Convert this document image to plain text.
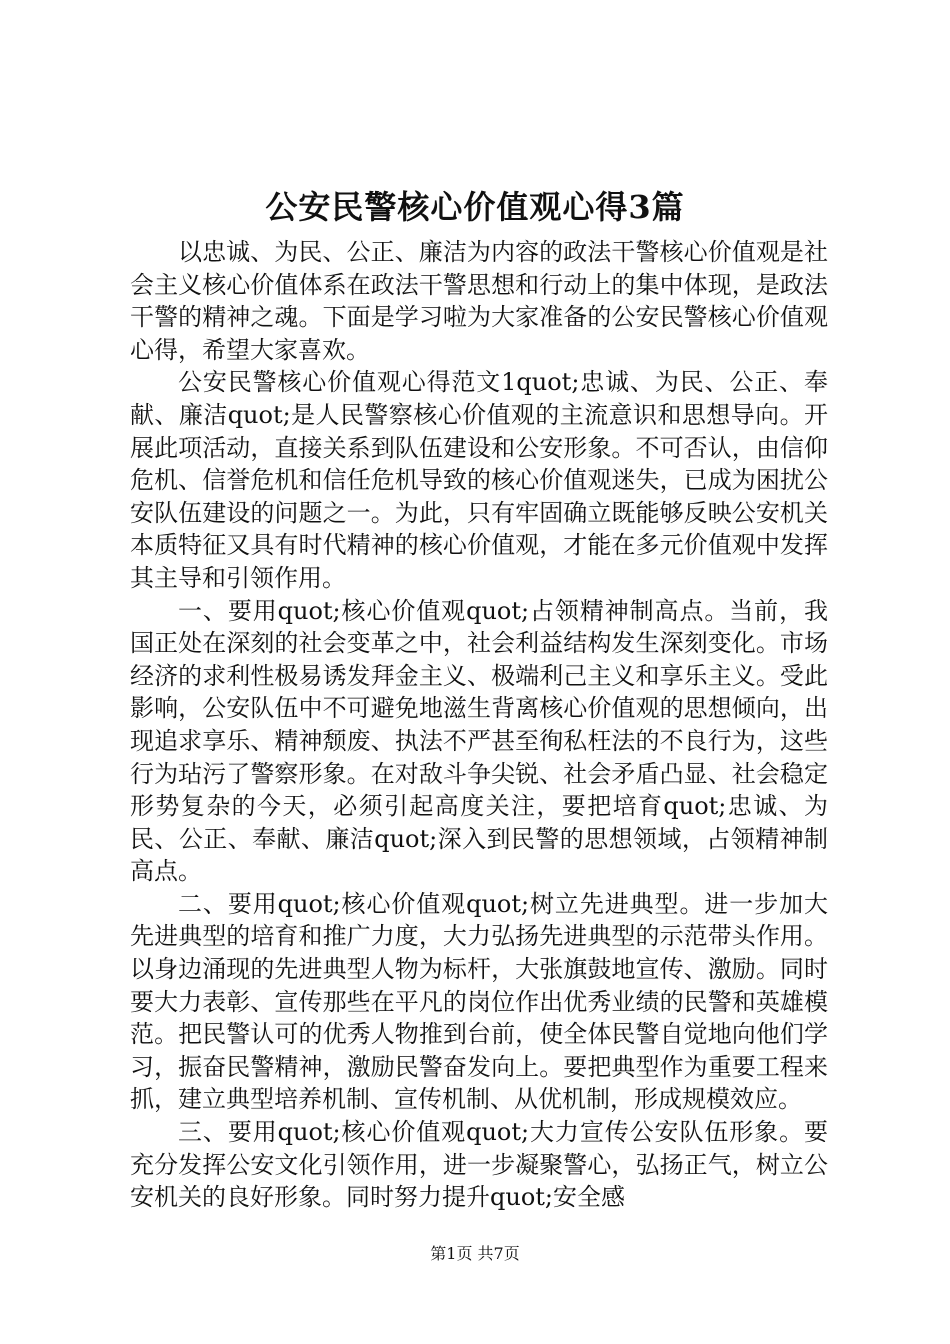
公安民警核心价值观心得3篇

以忠诚、为民、公正、廉洁为内容的政法干警核心价值观是社会主义核心价值体系在政法干警思想和行动上的集中体现，是政法干警的精神之魂。下面是学习啦为大家准备的公安民警核心价值观心得，希望大家喜欢。

公安民警核心价值观心得范文1quot;忠诚、为民、公正、奉献、廉洁quot;是人民警察核心价值观的主流意识和思想导向。开展此项活动，直接关系到队伍建设和公安形象。不可否认，由信仰危机、信誉危机和信任危机导致的核心价值观迷失，已成为困扰公安队伍建设的问题之一。为此，只有牢固确立既能够反映公安机关本质特征又具有时代精神的核心价值观，才能在多元价值观中发挥其主导和引领作用。

一、要用quot;核心价值观quot;占领精神制高点。当前，我国正处在深刻的社会变革之中，社会利益结构发生深刻变化。市场经济的求利性极易诱发拜金主义、极端利己主义和享乐主义。受此影响，公安队伍中不可避免地滋生背离核心价值观的思想倾向，出现追求享乐、精神颓废、执法不严甚至徇私枉法的不良行为，这些行为玷污了警察形象。在对敌斗争尖锐、社会矛盾凸显、社会稳定形势复杂的今天，必须引起高度关注，要把培育quot;忠诚、为民、公正、奉献、廉洁quot;深入到民警的思想领域，占领精神制高点。

二、要用quot;核心价值观quot;树立先进典型。进一步加大先进典型的培育和推广力度，大力弘扬先进典型的示范带头作用。以身边涌现的先进典型人物为标杆，大张旗鼓地宣传、激励。同时要大力表彰、宣传那些在平凡的岗位作出优秀业绩的民警和英雄模范。把民警认可的优秀人物推到台前，使全体民警自觉地向他们学习，振奋民警精神，激励民警奋发向上。要把典型作为重要工程来抓，建立典型培养机制、宣传机制、从优机制，形成规模效应。

三、要用quot;核心价值观quot;大力宣传公安队伍形象。要充分发挥公安文化引领作用，进一步凝聚警心，弘扬正气，树立公安机关的良好形象。同时努力提升quot;安全感

第1页 共7页
